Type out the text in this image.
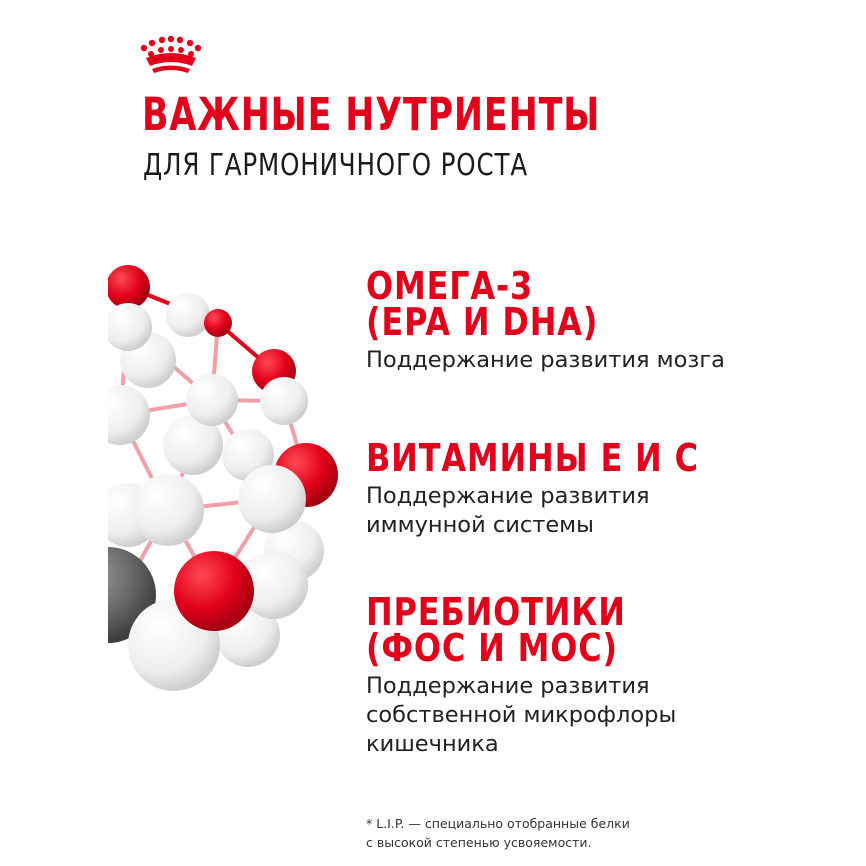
ВАЖНЫЕ НУТРИЕНТЫ
ДЛЯ ГАРМОНИЧНОГО РОСТА
ОМЕГА-3
(EPA И DHA)

Поддержание развития мозга

ВИТАМИНЫ Е И С

Поддержание развития
иммунной системы

ПРЕБИОТИКИ
(ФОС И МОС)

Поддержание развития
собственной микрофлоры
кишечника

* L.I.P. — специально отобранные белки
с высокой степенью усвояемости.
